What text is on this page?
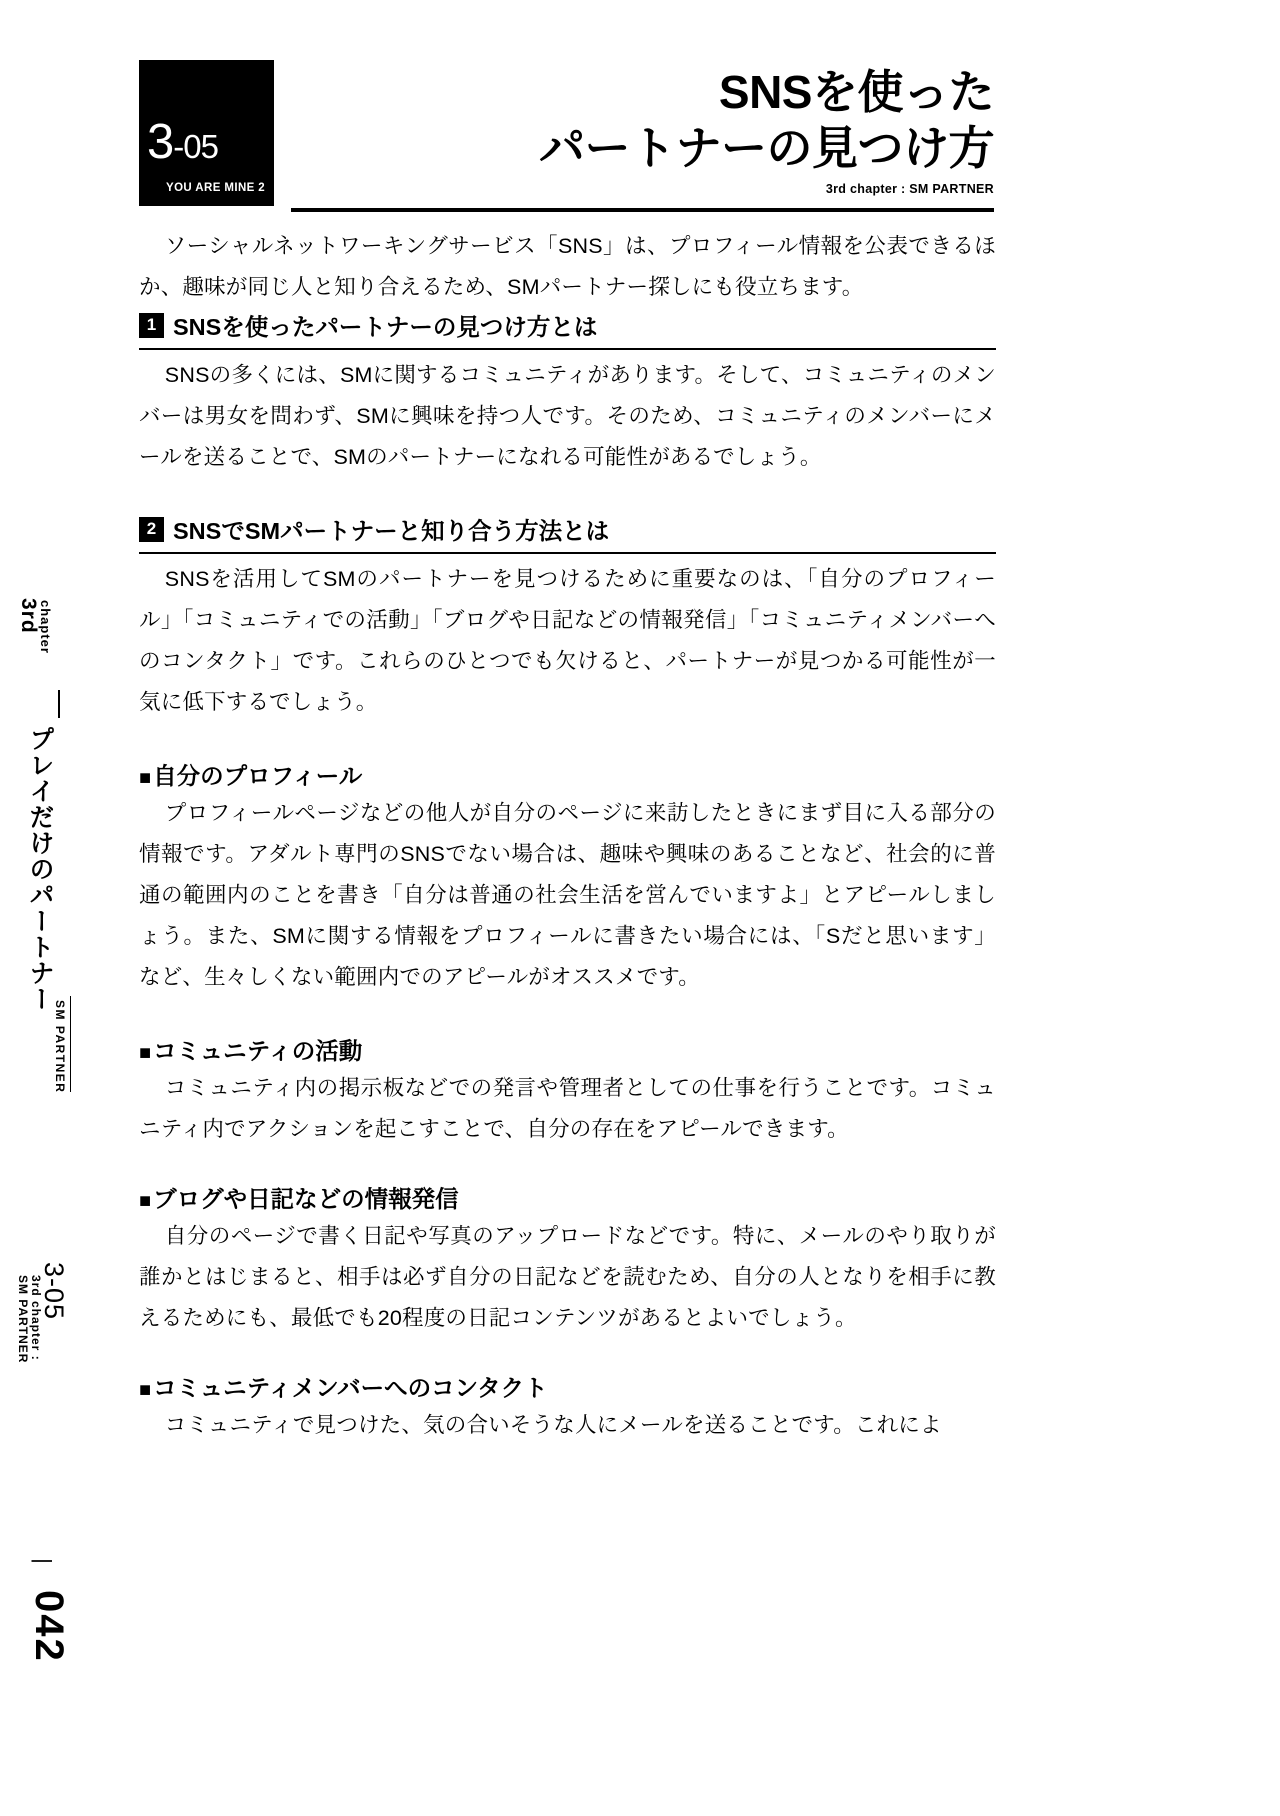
3rd
chapter
プレイだけのパートナー
SM PARTNER
3rd chapter :
SM PARTNER 3-05
|
042
3-05
YOU ARE MINE 2
SNSを使った
パートナーの見つけ方
3rd chapter : SM PARTNER

ソーシャルネットワーキングサービス「SNS」は、プロフィール情報を公表できるほか、趣味が同じ人と知り合えるため、SMパートナー探しにも役立ちます。

1 SNSを使ったパートナーの見つけ方とは

SNSの多くには、SMに関するコミュニティがあります。そして、コミュニティのメンバーは男女を問わず、SMに興味を持つ人です。そのため、コミュニティのメンバーにメールを送ることで、SMのパートナーになれる可能性があるでしょう。

2 SNSでSMパートナーと知り合う方法とは

SNSを活用してSMのパートナーを見つけるために重要なのは、「自分のプロフィール」「コミュニティでの活動」「ブログや日記などの情報発信」「コミュニティメンバーへのコンタクト」です。これらのひとつでも欠けると、パートナーが見つかる可能性が一気に低下するでしょう。

■ 自分のプロフィール

プロフィールページなどの他人が自分のページに来訪したときにまず目に入る部分の情報です。アダルト専門のSNSでない場合は、趣味や興味のあることなど、社会的に普通の範囲内のことを書き「自分は普通の社会生活を営んでいますよ」とアピールしましょう。また、SMに関する情報をプロフィールに書きたい場合には、「Sだと思います」など、生々しくない範囲内でのアピールがオススメです。

■ コミュニティの活動

コミュニティ内の掲示板などでの発言や管理者としての仕事を行うことです。コミュニティ内でアクションを起こすことで、自分の存在をアピールできます。

■ ブログや日記などの情報発信

自分のページで書く日記や写真のアップロードなどです。特に、メールのやり取りが誰かとはじまると、相手は必ず自分の日記などを読むため、自分の人となりを相手に教えるためにも、最低でも20程度の日記コンテンツがあるとよいでしょう。

■ コミュニティメンバーへのコンタクト

コミュニティで見つけた、気の合いそうな人にメールを送ることです。これによ
